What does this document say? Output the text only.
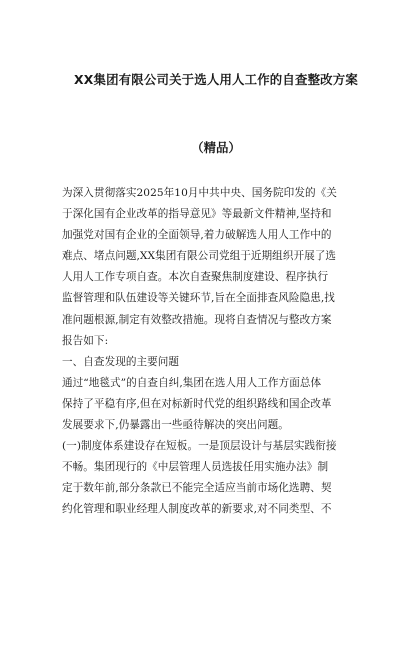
XX集团有限公司关于选人用人工作的自查整改方案
（精品）
为深入贯彻落实2025年10月中共中央、国务院印发的《关
于深化国有企业改革的指导意见》等最新文件精神,坚持和
加强党对国有企业的全面领导,着力破解选人用人工作中的
难点、堵点问题,XX集团有限公司党组于近期组织开展了选
人用人工作专项自查。本次自查聚焦制度建设、程序执行
监督管理和队伍建设等关键环节,旨在全面排查风险隐患,找
准问题根源,制定有效整改措施。现将自查情况与整改方案
报告如下:
一、自查发现的主要问题
通过“地毯式”的自查自纠,集团在选人用人工作方面总体
保持了平稳有序,但在对标新时代党的组织路线和国企改革
发展要求下,仍暴露出一些亟待解决的突出问题。
(一)制度体系建设存在短板。一是顶层设计与基层实践衔接
不畅。集团现行的《中层管理人员选拔任用实施办法》制
定于数年前,部分条款已不能完全适应当前市场化选聘、契
约化管理和职业经理人制度改革的新要求,对不同类型、不
